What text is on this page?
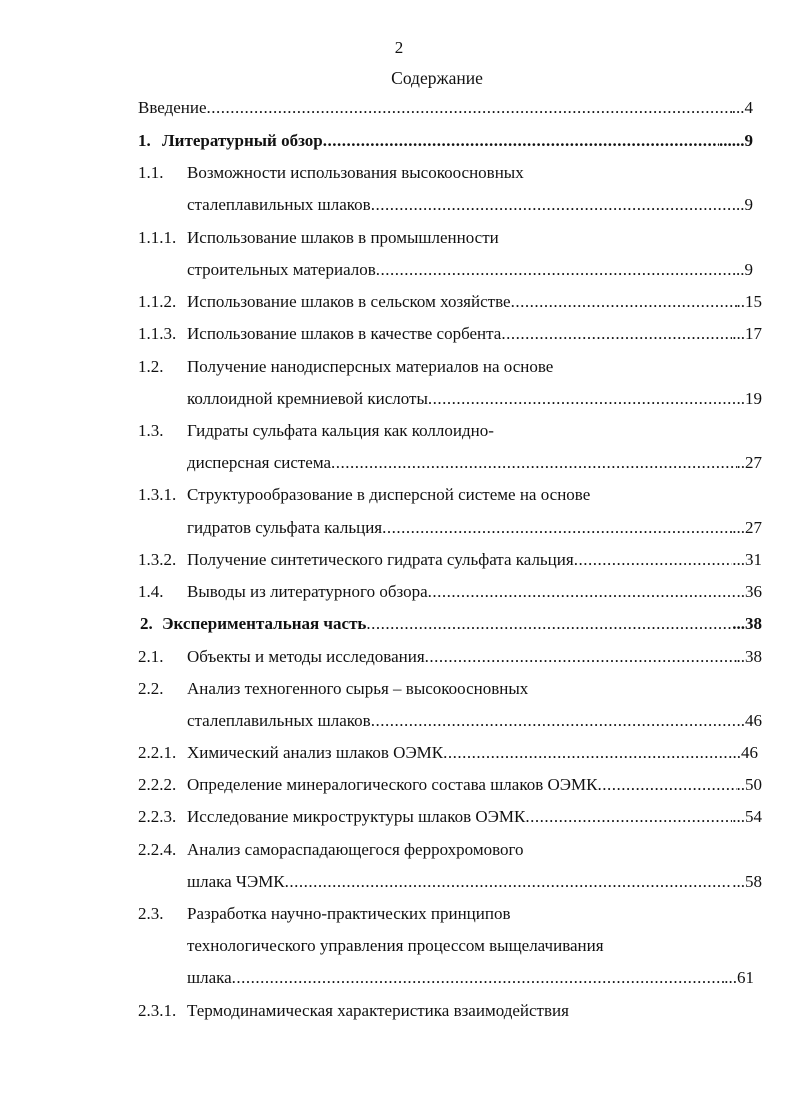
2
Содержание
Введение .....	...4
1. Литературный обзор .....	......9
1.1.	Возможности использования высокоосновных
сталеплавильных шлаков .....	...9
1.1.1. Использование шлаков в промышленности
строительных материалов .....	..9
1.1.2. Использование шлаков в сельском хозяйстве .....	..15
1.1.3. Использование шлаков в качестве сорбента .....	...17
1.2.	Получение нанодисперсных материалов на основе
коллоидной кремниевой кислоты .....	..19
1.3.	Гидраты сульфата кальция как коллоидно-
дисперсная система .....	..27
1.3.1. Структурообразование в дисперсной системе на основе
гидратов сульфата кальция .....	...27
1.3.2. Получение синтетического гидрата сульфата кальция .....	...31
1.4.	Выводы из литературного обзора .....	..36
2. Экспериментальная часть .....	...38
2.1.	Объекты и методы исследования .....	..38
2.2.	Анализ техногенного сырья – высокоосновных
сталеплавильных шлаков .....	..46
2.2.1. Химический анализ шлаков ОЭМК .....	..46
2.2.2. Определение минералогического состава шлаков ОЭМК .....	..50
2.2.3. Исследование микроструктуры шлаков ОЭМК .....	...54
2.2.4. Анализ самораспадающегося феррохромового
шлака ЧЭМК .....	...58
2.3.	Разработка научно-практических принципов
технологического управления процессом выщелачивания
шлака .....	...61
2.3.1. Термодинамическая характеристика взаимодействия
